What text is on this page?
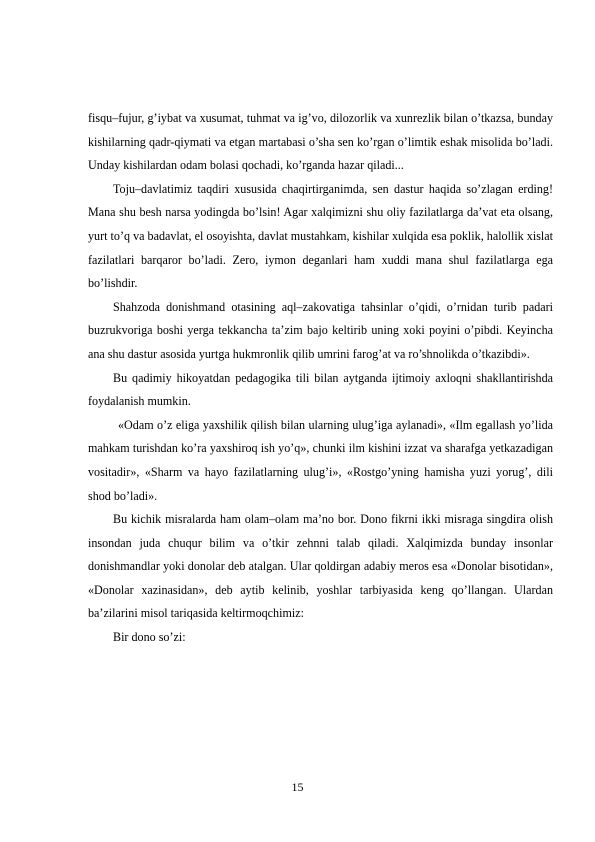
fisqu–fujur, g’iybat va xusumat, tuhmat va ig’vo, dilozorlik va xunrezlik bilan o’tkazsa, bunday kishilarning qadr-qiymati va etgan martabasi o’sha sen ko’rgan o’limtik eshak misolida bo’ladi. Unday kishilardan odam bolasi qochadi, ko’rganda hazar qiladi...

Toju–davlatimiz taqdiri xususida chaqirtirganimda, sen dastur haqida so’zlagan erding! Mana shu besh narsa yodingda bo’lsin! Agar xalqimizni shu oliy fazilatlarga da’vat eta olsang, yurt to’q va badavlat, el osoyishta, davlat mustahkam, kishilar xulqida esa poklik, halollik xislat fazilatlari barqaror bo’ladi. Zero, iymon deganlari ham xuddi mana shul fazilatlarga ega bo’lishdir.

Shahzoda donishmand otasining aql–zakovatiga tahsinlar o’qidi, o’rnidan turib padari buzrukvoriga boshi yerga tekkancha ta’zim bajo keltirib uning xoki poyini o’pibdi. Keyincha ana shu dastur asosida yurtga hukmronlik qilib umrini farog’at va ro’shnolikda o’tkazibdi».

Bu qadimiy hikoyatdan pedagogika tili bilan aytganda ijtimoiy axloqni shakllantirishda foydalanish mumkin.

«Odam o’z eliga yaxshilik qilish bilan ularning ulug’iga aylanadi», «Ilm egallash yo’lida mahkam turishdan ko’ra yaxshiroq ish yo’q», chunki ilm kishini izzat va sharafga yetkazadigan vositadir», «Sharm va hayo fazilatlarning ulug’i», «Rostgo’yning hamisha yuzi yorug’, dili shod bo’ladi».

Bu kichik misralarda ham olam–olam ma’no bor. Dono fikrni ikki misraga singdira olish insondan juda chuqur bilim va o’tkir zehnni talab qiladi. Xalqimizda bunday insonlar donishmandlar yoki donolar deb atalgan. Ular qoldirgan adabiy meros esa «Donolar bisotidan», «Donolar xazinasidan», deb aytib kelinib, yoshlar tarbiyasida keng qo’llangan. Ulardan ba’zilarini misol tariqasida keltirmoqchimiz:

Bir dono so’zi:

15
